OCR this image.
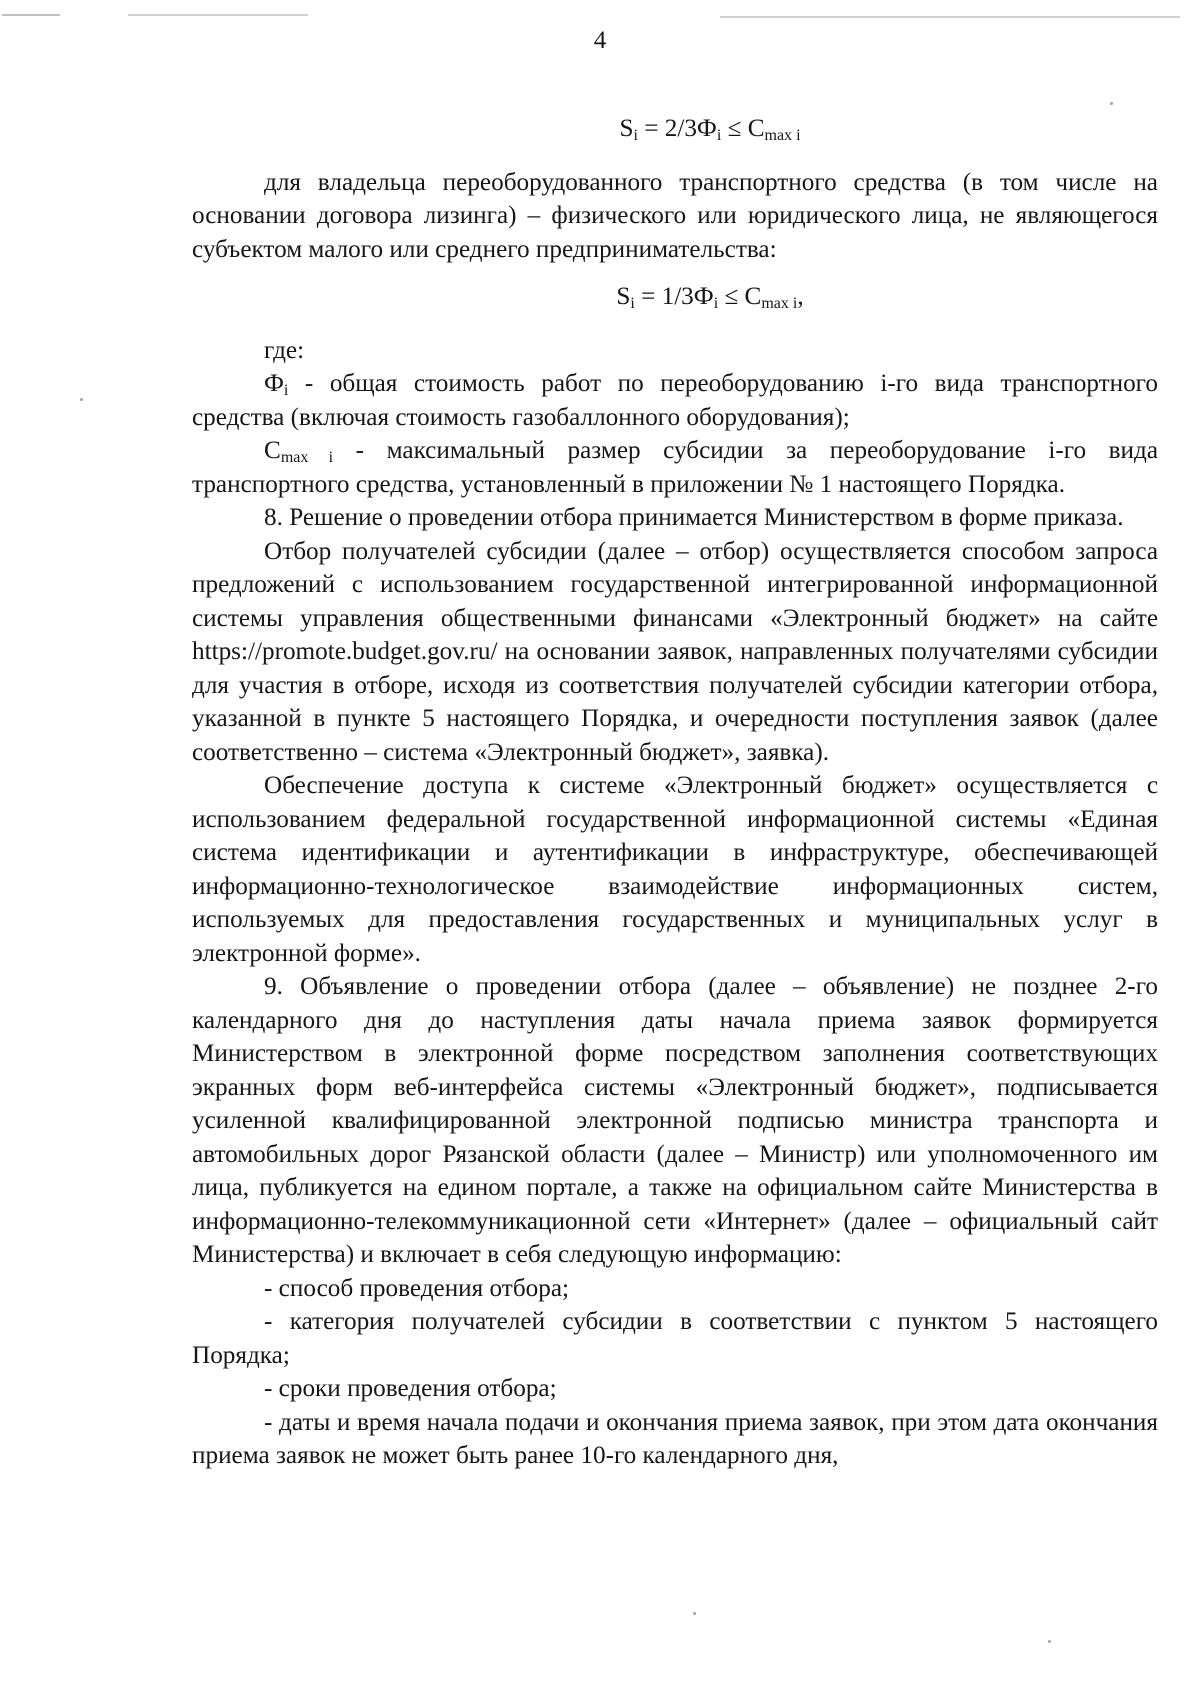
4

$S_i = 2/3Ф_i \le C_{max i}$

для владельца переоборудованного транспортного средства (в том числе на основании договора лизинга) – физического или юридического лица, не являющегося субъектом малого или среднего предпринимательства:

$S_i = 1/3Ф_i \le C_{max i}$,

где:

$Ф_i$ - общая стоимость работ по переоборудованию i-го вида транспортного средства (включая стоимость газобаллонного оборудования);

$C_{max i}$ - максимальный размер субсидии за переоборудование i-го вида транспортного средства, установленный в приложении № 1 настоящего Порядка.

8. Решение о проведении отбора принимается Министерством в форме приказа.

Отбор получателей субсидии (далее – отбор) осуществляется способом запроса предложений с использованием государственной интегрированной информационной системы управления общественными финансами «Электронный бюджет» на сайте https://promote.budget.gov.ru/ на основании заявок, направленных получателями субсидии для участия в отборе, исходя из соответствия получателей субсидии категории отбора, указанной в пункте 5 настоящего Порядка, и очередности поступления заявок (далее соответственно – система «Электронный бюджет», заявка).

Обеспечение доступа к системе «Электронный бюджет» осуществляется с использованием федеральной государственной информационной системы «Единая система идентификации и аутентификации в инфраструктуре, обеспечивающей информационно-технологическое взаимодействие информационных систем, используемых для предоставления государственных и муниципальных услуг в электронной форме».

9. Объявление о проведении отбора (далее – объявление) не позднее 2-го календарного дня до наступления даты начала приема заявок формируется Министерством в электронной форме посредством заполнения соответствующих экранных форм веб-интерфейса системы «Электронный бюджет», подписывается усиленной квалифицированной электронной подписью министра транспорта и автомобильных дорог Рязанской области (далее – Министр) или уполномоченного им лица, публикуется на едином портале, а также на официальном сайте Министерства в информационно-телекоммуникационной сети «Интернет» (далее – официальный сайт Министерства) и включает в себя следующую информацию:

- способ проведения отбора;

- категория получателей субсидии в соответствии с пунктом 5 настоящего Порядка;

- сроки проведения отбора;

- даты и время начала подачи и окончания приема заявок, при этом дата окончания приема заявок не может быть ранее 10-го календарного дня,
